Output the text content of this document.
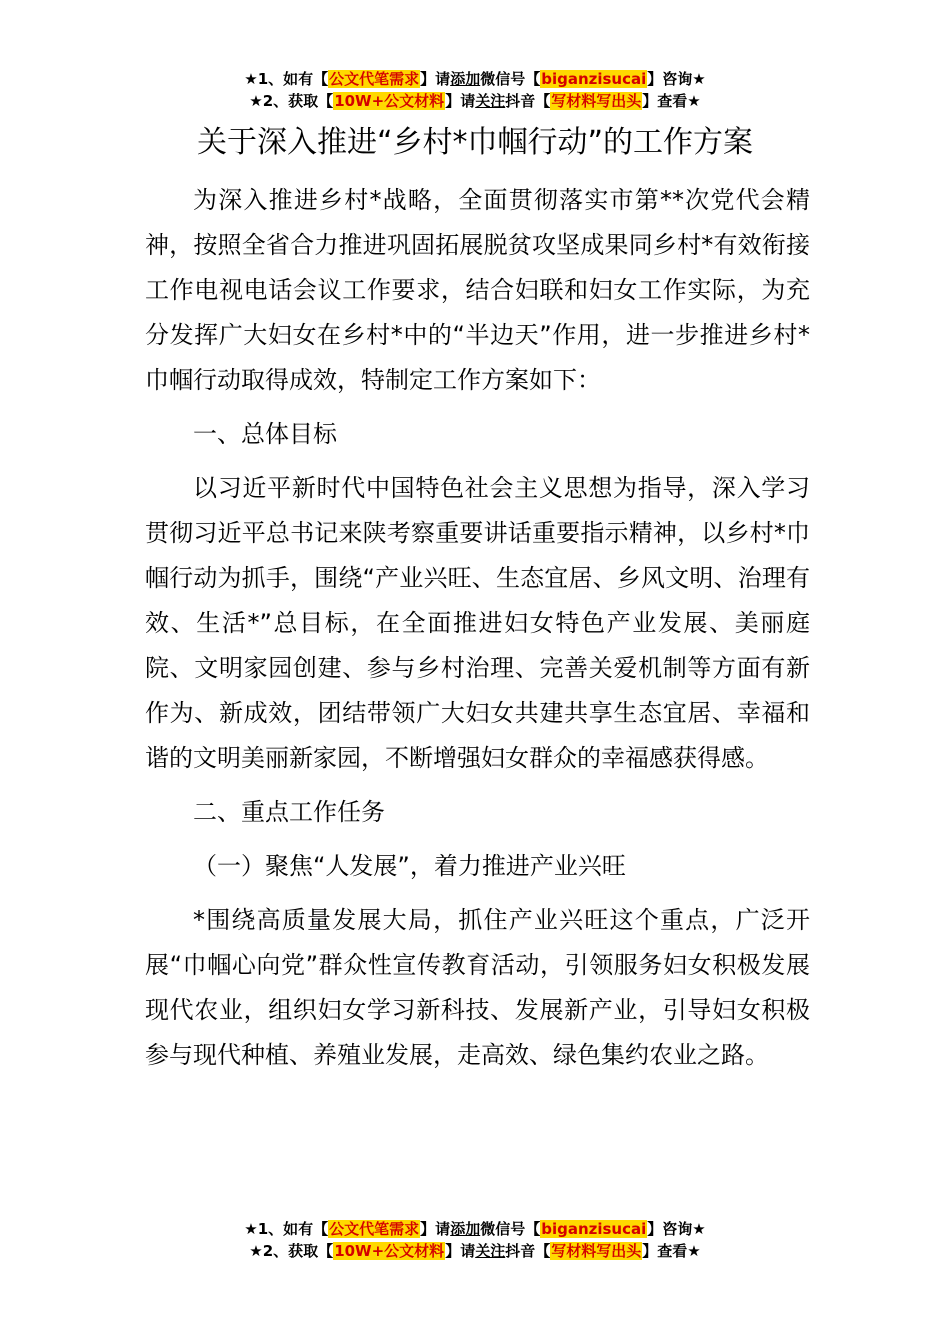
★1、如有【公文代笔需求】请添加微信号【biganzisucai】咨询★
★2、获取【10W+公文材料】请关注抖音【写材料写出头】查看★
关于深入推进“乡村*巾帼行动”的工作方案

为深入推进乡村*战略，全面贯彻落实市第**次党代会精神，按照全省合力推进巩固拓展脱贫攻坚成果同乡村*有效衔接工作电视电话会议工作要求，结合妇联和妇女工作实际，为充分发挥广大妇女在乡村*中的“半边天”作用，进一步推进乡村*巾帼行动取得成效，特制定工作方案如下：

一、总体目标

以习近平新时代中国特色社会主义思想为指导，深入学习贯彻习近平总书记来陕考察重要讲话重要指示精神，以乡村*巾帼行动为抓手，围绕“产业兴旺、生态宜居、乡风文明、治理有效、生活*”总目标，在全面推进妇女特色产业发展、美丽庭院、文明家园创建、参与乡村治理、完善关爱机制等方面有新作为、新成效，团结带领广大妇女共建共享生态宜居、幸福和谐的文明美丽新家园，不断增强妇女群众的幸福感获得感。

二、重点工作任务

（一）聚焦“人发展”，着力推进产业兴旺

*围绕高质量发展大局，抓住产业兴旺这个重点，广泛开展“巾帼心向党”群众性宣传教育活动，引领服务妇女积极发展现代农业，组织妇女学习新科技、发展新产业，引导妇女积极参与现代种植、养殖业发展，走高效、绿色集约农业之路。

★1、如有【公文代笔需求】请添加微信号【biganzisucai】咨询★
★2、获取【10W+公文材料】请关注抖音【写材料写出头】查看★
